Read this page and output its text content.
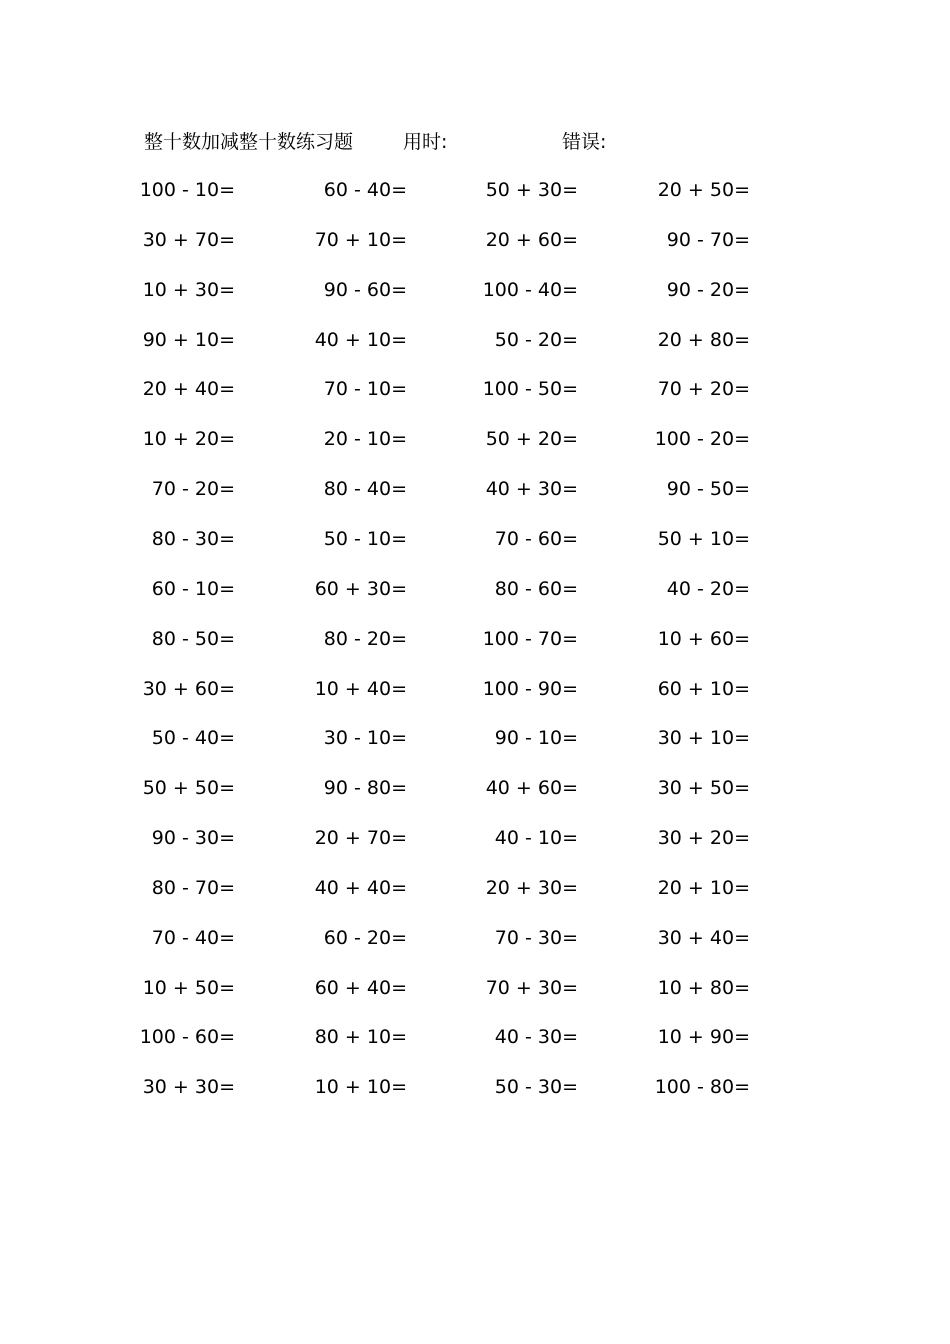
整十数加减整十数练习题	用时:	错误:
100 - 10=	60 - 40=	50 + 30=	20 + 50=
30 + 70=	70 + 10=	20 + 60=	90 - 70=
10 + 30=	90 - 60=	100 - 40=	90 - 20=
90 + 10=	40 + 10=	50 - 20=	20 + 80=
20 + 40=	70 - 10=	100 - 50=	70 + 20=
10 + 20=	20 - 10=	50 + 20=	100 - 20=
70 - 20=	80 - 40=	40 + 30=	90 - 50=
80 - 30=	50 - 10=	70 - 60=	50 + 10=
60 - 10=	60 + 30=	80 - 60=	40 - 20=
80 - 50=	80 - 20=	100 - 70=	10 + 60=
30 + 60=	10 + 40=	100 - 90=	60 + 10=
50 - 40=	30 - 10=	90 - 10=	30 + 10=
50 + 50=	90 - 80=	40 + 60=	30 + 50=
90 - 30=	20 + 70=	40 - 10=	30 + 20=
80 - 70=	40 + 40=	20 + 30=	20 + 10=
70 - 40=	60 - 20=	70 - 30=	30 + 40=
10 + 50=	60 + 40=	70 + 30=	10 + 80=
100 - 60=	80 + 10=	40 - 30=	10 + 90=
30 + 30=	10 + 10=	50 - 30=	100 - 80=
